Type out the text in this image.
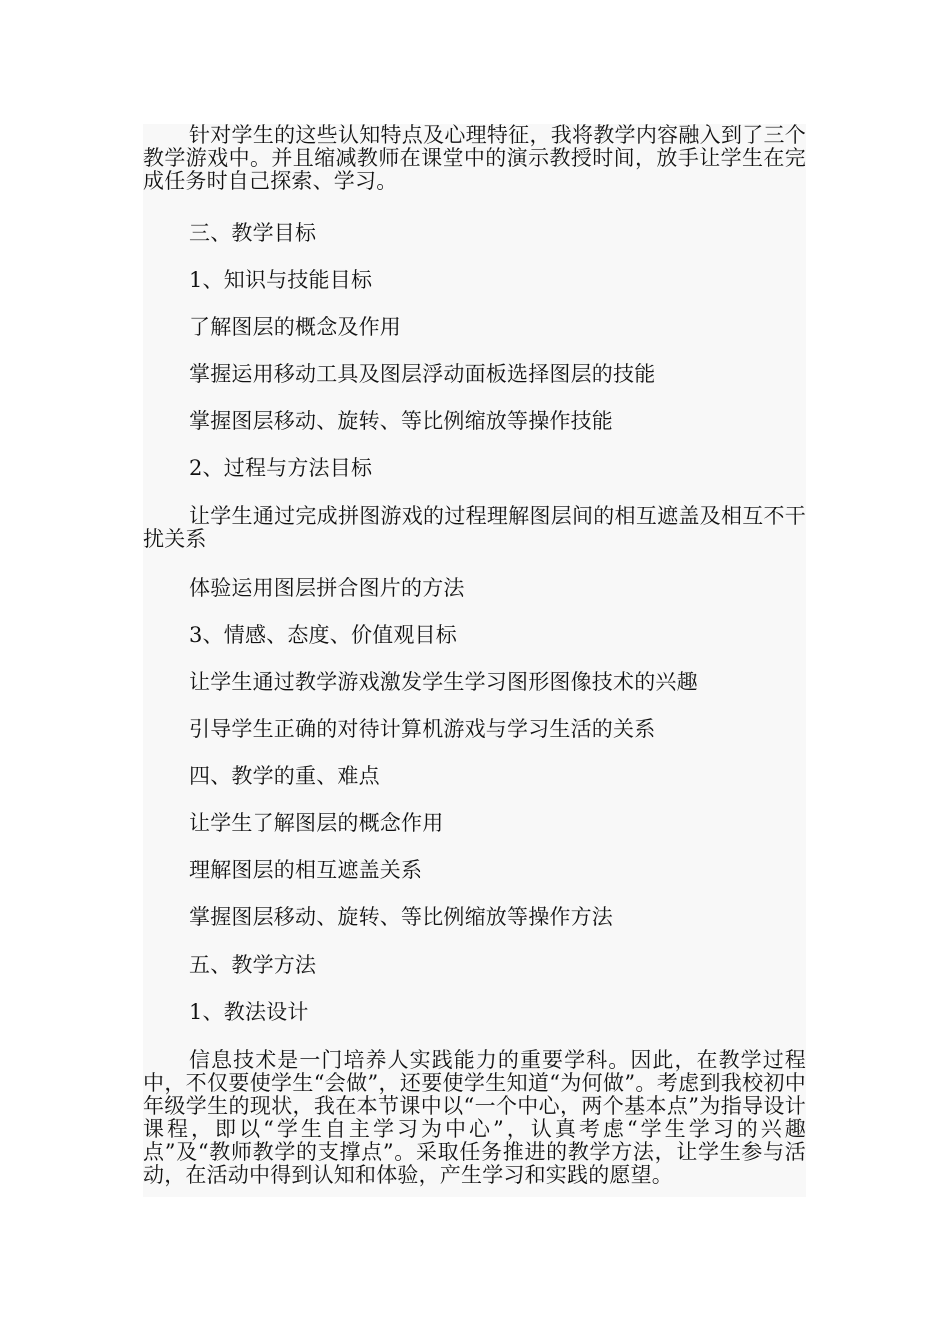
针对学生的这些认知特点及心理特征，我将教学内容融入到了三个教学游戏中。并且缩减教师在课堂中的演示教授时间，放手让学生在完成任务时自己探索、学习。

三、教学目标

1、知识与技能目标

了解图层的概念及作用

掌握运用移动工具及图层浮动面板选择图层的技能

掌握图层移动、旋转、等比例缩放等操作技能

2、过程与方法目标

让学生通过完成拼图游戏的过程理解图层间的相互遮盖及相互不干扰关系

体验运用图层拼合图片的方法

3、情感、态度、价值观目标

让学生通过教学游戏激发学生学习图形图像技术的兴趣

引导学生正确的对待计算机游戏与学习生活的关系

四、教学的重、难点

让学生了解图层的概念作用

理解图层的相互遮盖关系

掌握图层移动、旋转、等比例缩放等操作方法

五、教学方法

1、教法设计

信息技术是一门培养人实践能力的重要学科。因此，在教学过程中，不仅要使学生“会做”，还要使学生知道“为何做”。考虑到我校初中年级学生的现状，我在本节课中以“一个中心，两个基本点”为指导设计课程，即以“学生自主学习为中心”，认真考虑“学生学习的兴趣点”及“教师教学的支撑点”。采取任务推进的教学方法，让学生参与活动，在活动中得到认知和体验，产生学习和实践的愿望。
